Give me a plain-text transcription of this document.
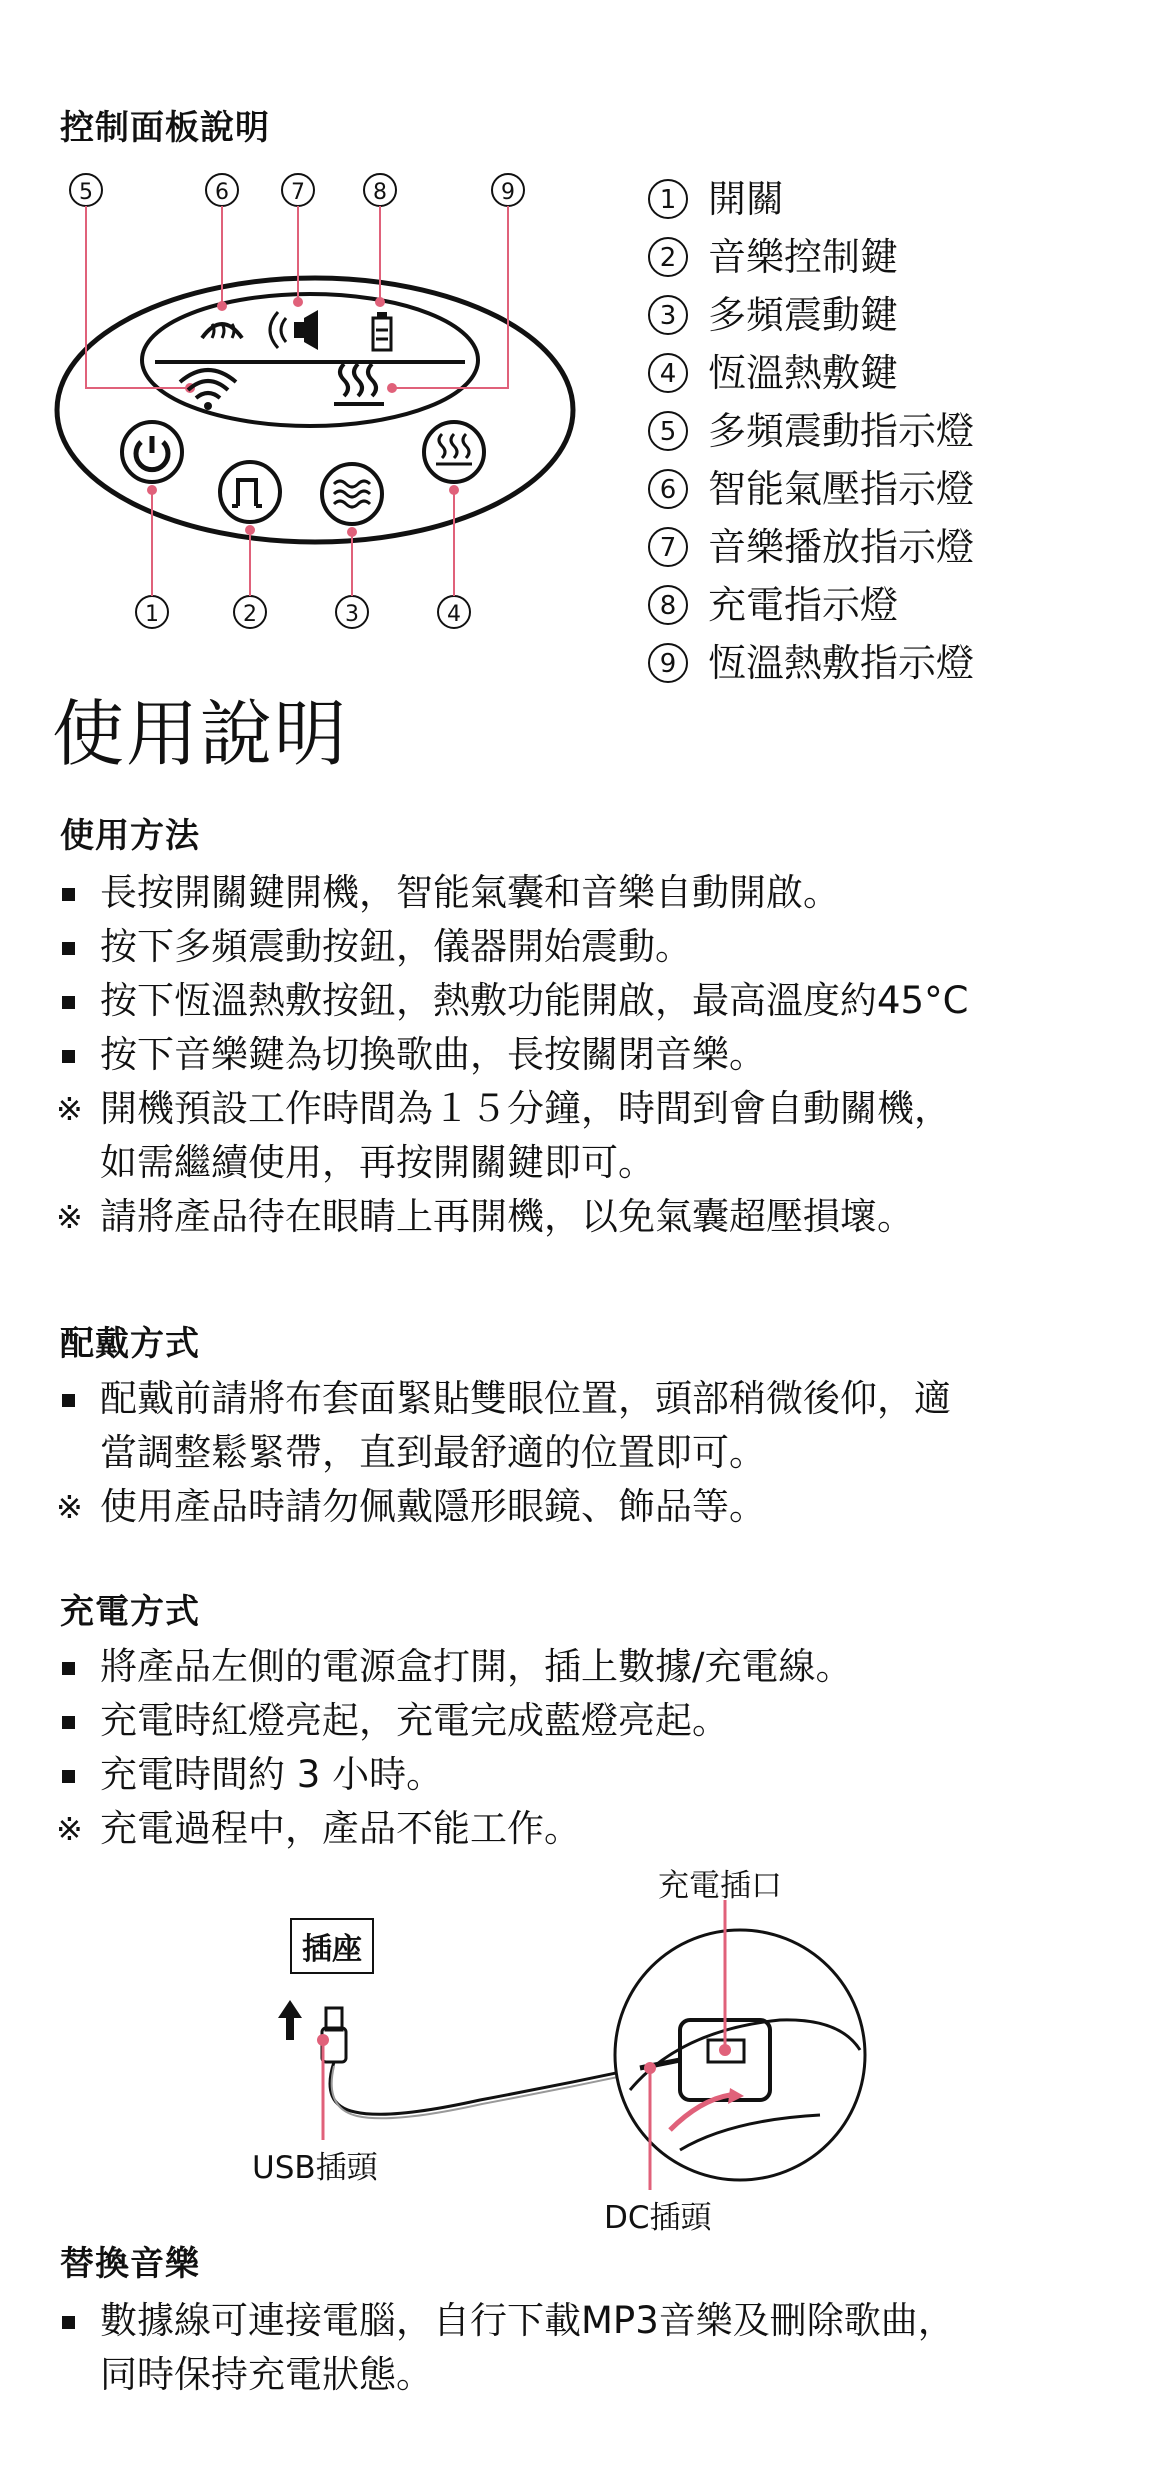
控制面板說明
5	6	7	8	9
1	2	3	4
1 開關
2 音樂控制鍵
3 多頻震動鍵
4 恆溫熱敷鍵
5 多頻震動指示燈
6 智能氣壓指示燈
7 音樂播放指示燈
8 充電指示燈
9 恆溫熱敷指示燈
使用說明
使用方法
長按開關鍵開機，智能氣囊和音樂自動開啟。
按下多頻震動按鈕，儀器開始震動。
按下恆溫熱敷按鈕，熱敷功能開啟，最高溫度約45°C
按下音樂鍵為切換歌曲，長按關閉音樂。
※ 開機預設工作時間為１５分鐘，時間到會自動關機，
如需繼續使用，再按開關鍵即可。
※ 請將產品待在眼睛上再開機，以免氣囊超壓損壞。
配戴方式
配戴前請將布套面緊貼雙眼位置，頭部稍微後仰，適
當調整鬆緊帶，直到最舒適的位置即可。
※ 使用產品時請勿佩戴隱形眼鏡、飾品等。
充電方式
將產品左側的電源盒打開，插上數據/充電線。
充電時紅燈亮起，充電完成藍燈亮起。
充電時間約 3 小時。
※ 充電過程中，產品不能工作。
充電插口
插座
USB插頭
DC插頭
替換音樂
數據線可連接電腦，自行下載MP3音樂及刪除歌曲，
同時保持充電狀態。
